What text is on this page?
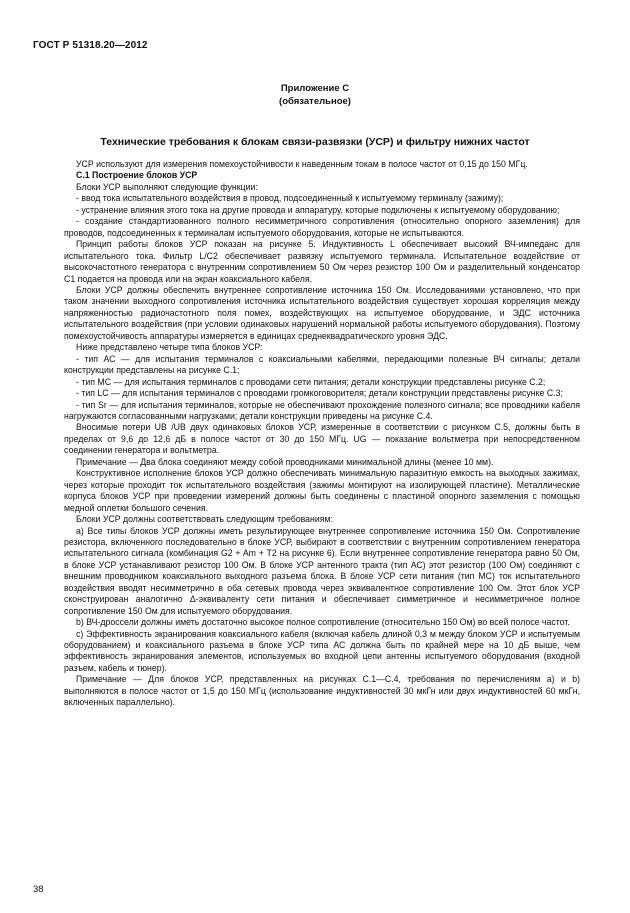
ГОСТ Р 51318.20—2012
Приложение С
(обязательное)
Технические требования к блокам связи-развязки (УСР) и фильтру нижних частот

УСР используют для измерения помехоустойчивости к наведенным токам в полосе частот от 0,15 до 150 МГц.

С.1 Построение блоков УСР

Блоки УСР выполняют следующие функции:

- ввод тока испытательного воздействия в провод, подсоединенный к испытуемому терминалу (зажиму);

- устранение влияния этого тока на другие провода и аппаратуру, которые подключены к испытуемому оборудованию;

- создание стандартизованного полного несимметричного сопротивления (относительно опорного заземления) для проводов, подсоединенных к терминалам испытуемого оборудования, которые не испытываются.

Принцип работы блоков УСР показан на рисунке 5. Индуктивность L обеспечивает высокий ВЧ-импеданс для испытательного тока. Фильтр L/C2 обеспечивает развязку испытуемого терминала. Испытательное воздействие от высокочастотного генератора с внутренним сопротивлением 50 Ом через резистор 100 Ом и разделительный конденсатор C1 подается на провода или на экран коаксиального кабеля.

Блоки УСР должны обеспечить внутреннее сопротивление источника 150 Ом. Исследованиями установлено, что при таком значении выходного сопротивления источника испытательного воздействия существует хорошая корреляция между напряженностью радиочастотного поля помех, воздействующих на испытуемое оборудование, и ЭДС источника испытательного воздействия (при условии одинаковых нарушений нормальной работы испытуемого оборудования). Поэтому помехоустойчивость аппаратуры измеряется в единицах среднеквадратического уровня ЭДС.

Ниже представлено четыре типа блоков УСР:

- тип АС — для испытания терминалов с коаксиальными кабелями, передающими полезные ВЧ сигналы; детали конструкции представлены на рисунке С.1;

- тип МС — для испытания терминалов с проводами сети питания; детали конструкции представлены рисунке С.2;

- тип LC — для испытания терминалов с проводами громкоговорителя; детали конструкции представлены рисунке С.3;

- тип Sr — для испытания терминалов, которые не обеспечивают прохождение полезного сигнала; все проводники кабеля нагружаются согласованными нагрузками; детали конструкции приведены на рисунке С.4.

Вносимые потери UB /UB двух одинаковых блоков УСР, измеренные в соответствии с рисунком С.5, должны быть в пределах от 9,6 до 12,6 дБ в полосе частот от 30 до 150 МГц. UG — показание вольтметра при непосредственном соединении генератора и вольтметра.

Примечание — Два блока соединяют между собой проводниками минимальной длины (менее 10 мм).

Конструктивное исполнение блоков УСР должно обеспечивать минимальную паразитную емкость на выходных зажимах, через которые проходит ток испытательного воздействия (зажимы монтируют на изолирующей пластине). Металлические корпуса блоков УСР при проведении измерений должны быть соединены с пластиной опорного заземления с помощью медной оплетки большого сечения.

Блоки УСР должны соответствовать следующим требованиям:

а) Все типы блоков УСР должны иметь результирующее внутреннее сопротивление источника 150 Ом. Сопротивление резистора, включенного последовательно в блоке УСР, выбирают в соответствии с внутренним сопротивлением генератора испытательного сигнала (комбинация G2 + Am + T2 на рисунке 6). Если внутреннее сопротивление генератора равно 50 Ом, в блоке УСР устанавливают резистор 100 Ом. В блоке УСР антенного тракта (тип АС) этот резистор (100 Ом) соединяют с внешним проводником коаксиального выходного разъема блока. В блоке УСР сети питания (тип МС) ток испытательного воздействия вводят несимметрично в оба сетевых провода через эквивалентное сопротивление 100 Ом. Этот блок УСР сконструирован аналогично Δ-эквиваленту сети питания и обеспечивает симметричное и несимметричное полное сопротивление 150 Ом для испытуемого оборудования.

b) ВЧ-дроссели должны иметь достаточно высокое полное сопротивление (относительно 150 Ом) во всей полосе частот.

с) Эффективность экранирования коаксиального кабеля (включая кабель длиной 0,3 м между блоком УСР и испытуемым оборудованием) и коаксиального разъема в блоке УСР типа АС должна быть по крайней мере на 10 дБ выше, чем эффективность экранирования элементов, используемых во входной цепи антенны испытуемого оборудования (входной разъем, кабель и тюнер).

Примечание — Для блоков УСР, представленных на рисунках С.1—С.4, требования по перечислениям а) и b) выполняются в полосе частот от 1,5 до 150 МГц (использование индуктивностей 30 мкГн или двух индуктивностей 60 мкГн, включенных параллельно).

38
